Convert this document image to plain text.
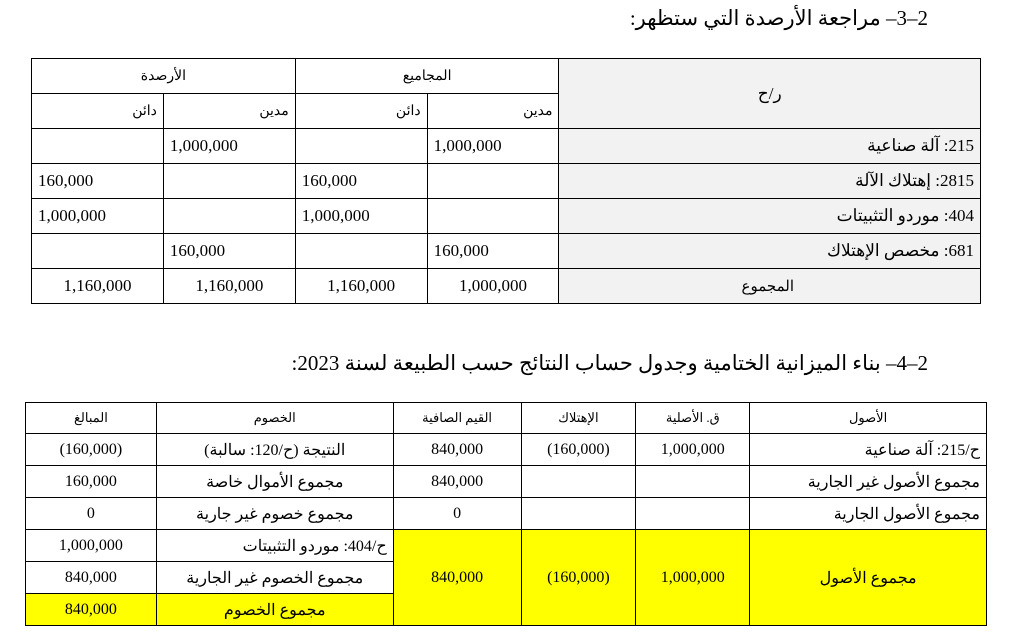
2–3– مراجعة الأرصدة التي ستظهر:
ر/ح	المجاميع		الأرصدة	
	مدين	دائن	مدين	دائن
215: آلة صناعية	1,000,000		1,000,000	
2815: إهتلاك الآلة		160,000		160,000
404: موردو التثبيتات		1,000,000		1,000,000
681: مخصص الإهتلاك	160,000		160,000	
المجموع	1,000,000	1,160,000	1,160,000	1,160,000
2–4– بناء الميزانية الختامية وجدول حساب النتائج حسب الطبيعة لسنة 2023:
الأصول	ق. الأصلية	الإهتلاك	القيم الصافية	الخصوم	المبالغ
ح/215: آلة صناعية	1,000,000	(160,000)	840,000	النتيجة (ح/120: سالبة)	(160,000)
مجموع الأصول غير الجارية			840,000	مجموع الأموال خاصة	160,000
مجموع الأصول الجارية			0	مجموع خصوم غير جارية	0
مجموع الأصول	1,000,000	(160,000)	840,000	ح/404: موردو التثبيتات	1,000,000
				مجموع الخصوم غير الجارية	840,000
				مجموع الخصوم	840,000
